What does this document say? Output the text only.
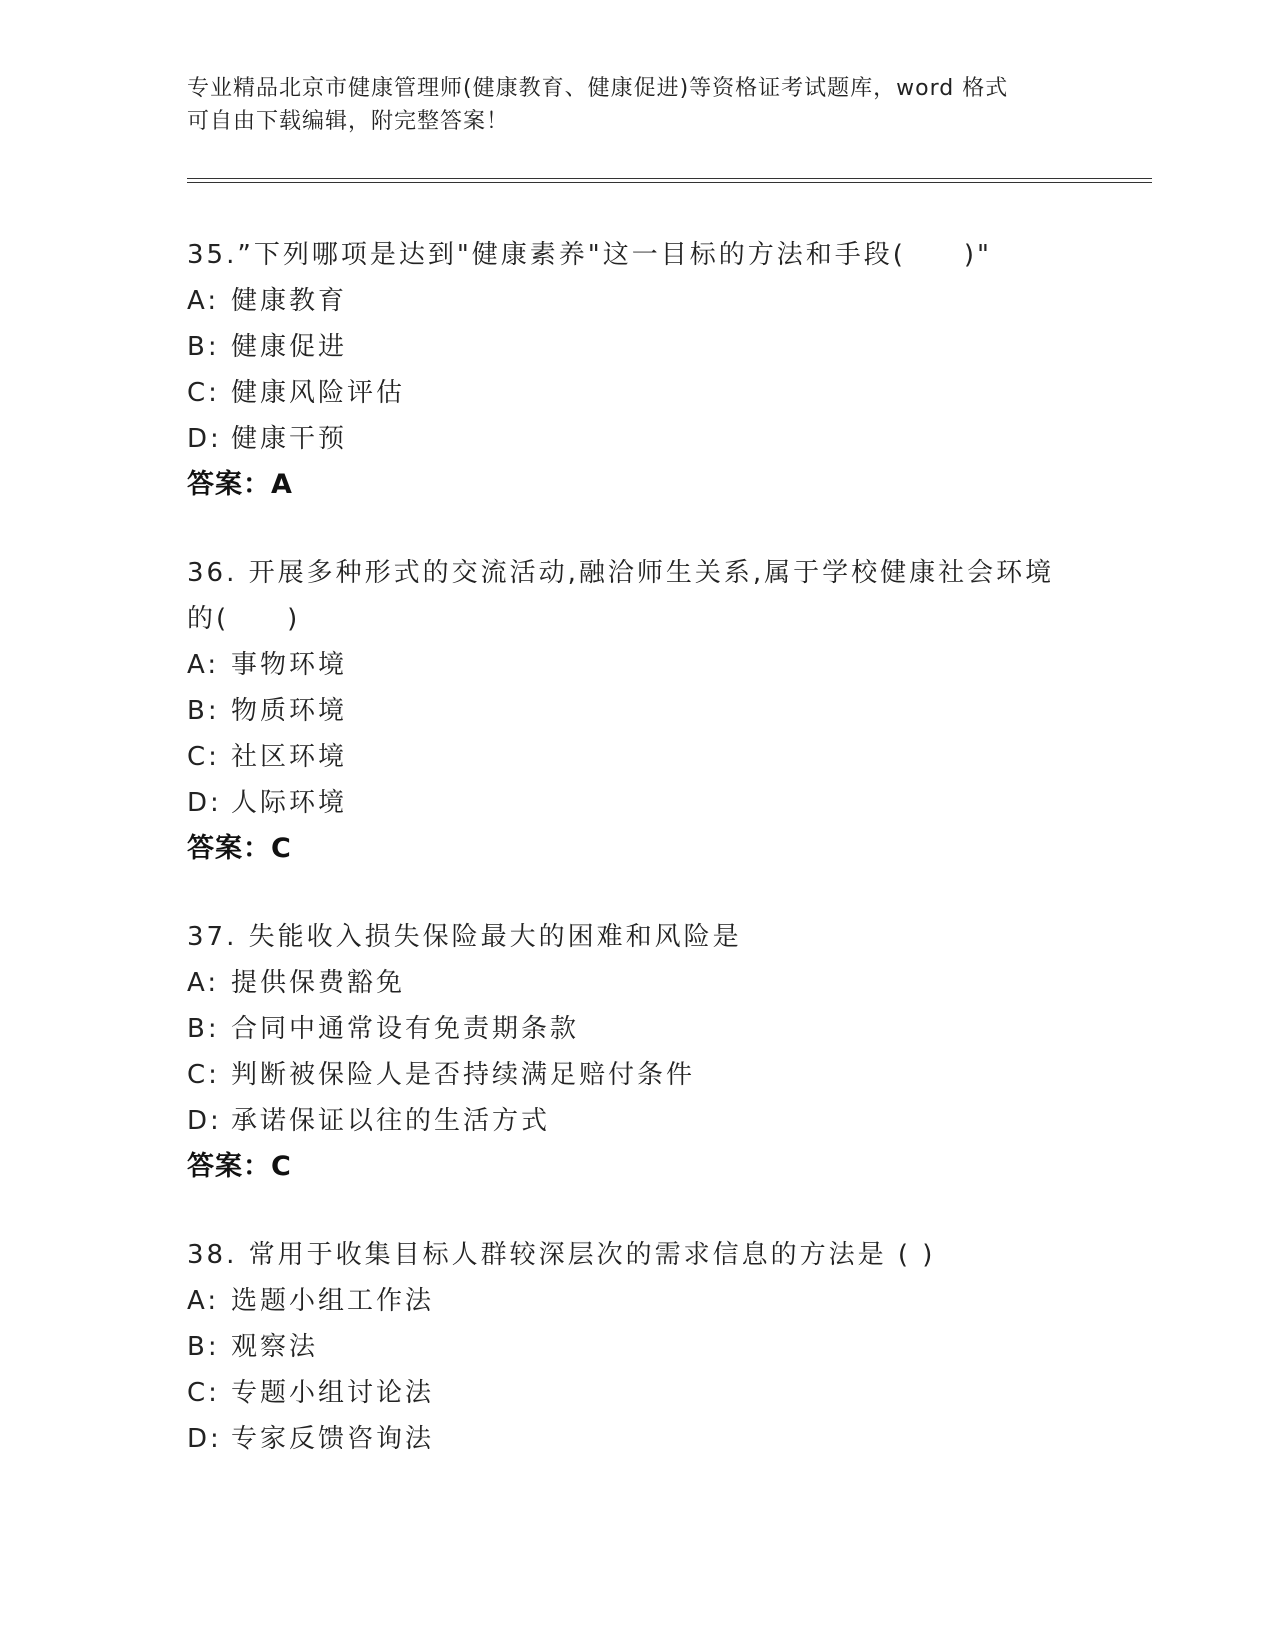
专业精品北京市健康管理师(健康教育、健康促进)等资格证考试题库，word 格式
可自由下载编辑，附完整答案！
35.”下列哪项是达到"健康素养"这一目标的方法和手段(　　)"
A: 健康教育
B: 健康促进
C: 健康风险评估
D: 健康干预
答案：A
36. 开展多种形式的交流活动,融洽师生关系,属于学校健康社会环境
的(　　)
A: 事物环境
B: 物质环境
C: 社区环境
D: 人际环境
答案：C
37. 失能收入损失保险最大的困难和风险是
A: 提供保费豁免
B: 合同中通常设有免责期条款
C: 判断被保险人是否持续满足赔付条件
D: 承诺保证以往的生活方式
答案：C
38. 常用于收集目标人群较深层次的需求信息的方法是 ( )
A: 选题小组工作法
B: 观察法
C: 专题小组讨论法
D: 专家反馈咨询法
